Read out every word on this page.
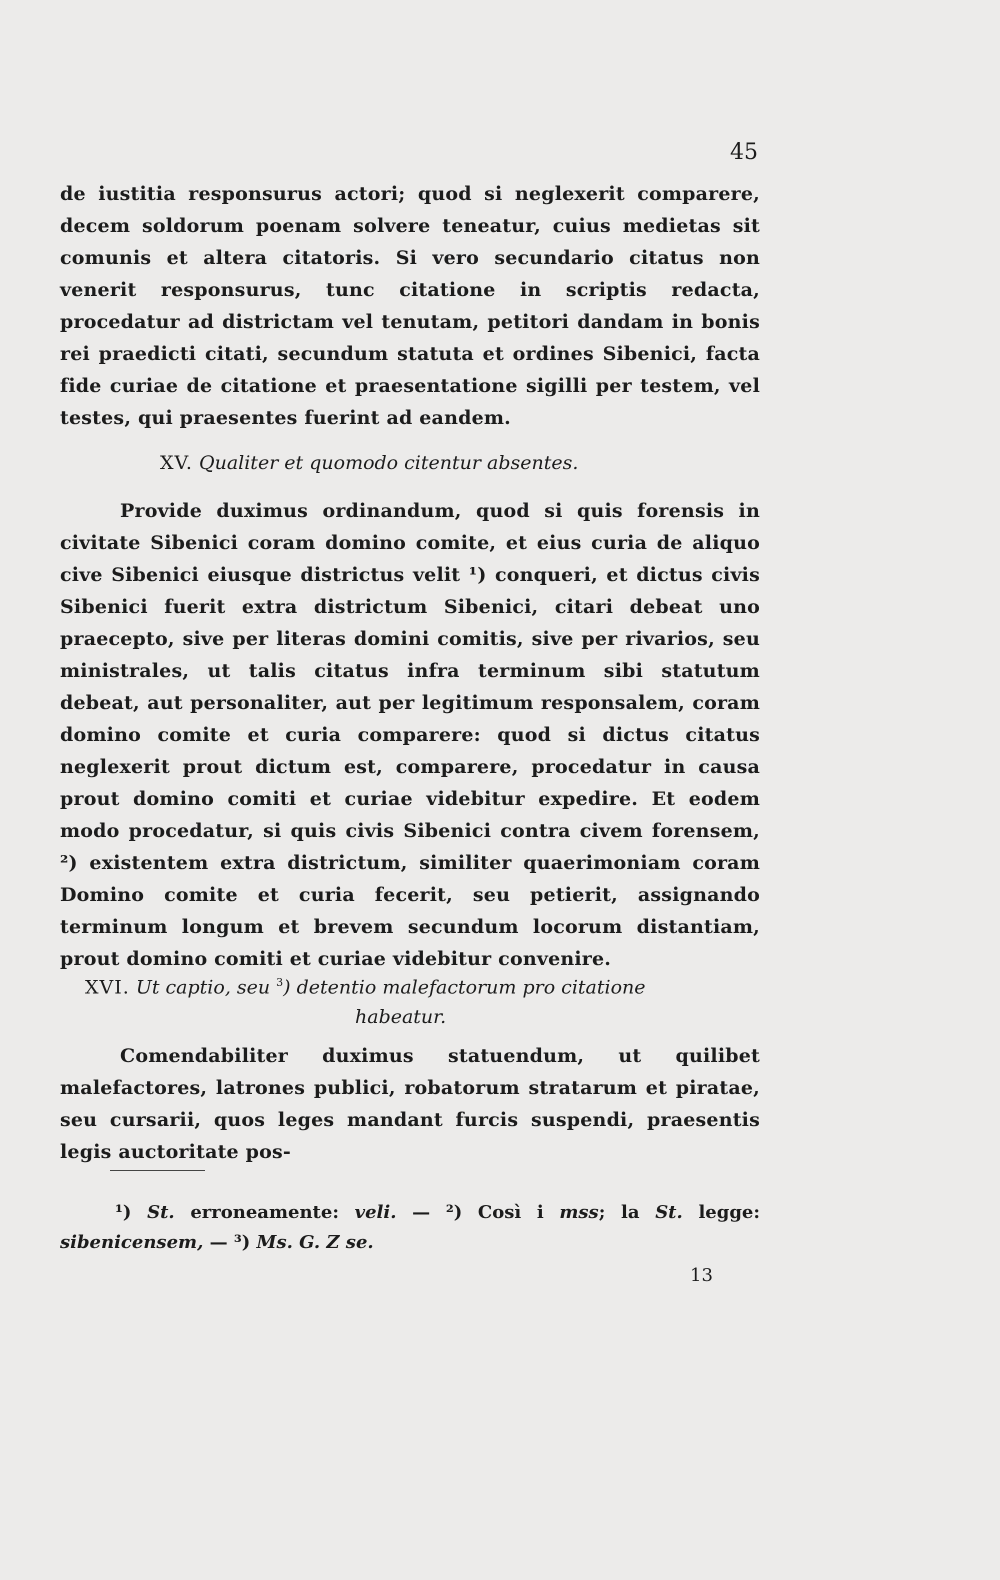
45
de iustitia responsurus actori; quod si neglexerit comparere, decem soldorum poenam solvere teneatur, cuius medietas sit comunis et altera citatoris. Si vero secundario citatus non venerit responsurus, tunc citatione in scriptis redacta, procedatur ad districtam vel tenutam, petitori dandam in bonis rei praedicti citati, secundum statuta et ordines Sibenici, facta fide curiae de citatione et praesentatione sigilli per testem, vel testes, qui praesentes fuerint ad eandem.
XV. Qualiter et quomodo citentur absentes.
Provide duximus ordinandum, quod si quis forensis in civitate Sibenici coram domino comite, et eius curia de aliquo cive Sibenici eiusque districtus velit ¹) conqueri, et dictus civis Sibenici fuerit extra districtum Sibenici, citari debeat uno praecepto, sive per literas domini comitis, sive per rivarios, seu ministrales, ut talis citatus infra terminum sibi statutum debeat, aut personaliter, aut per legitimum responsalem, coram domino comite et curia comparere: quod si dictus citatus neglexerit prout dictum est, comparere, procedatur in causa prout domino comiti et curiae videbitur expedire. Et eodem modo procedatur, si quis civis Sibenici contra civem forensem, ²) existentem extra districtum, similiter quaerimoniam coram Domino comite et curia fecerit, seu petierit, assignando terminum longum et brevem secundum locorum distantiam, prout domino comiti et curiae videbitur convenire.
XVI. Ut captio, seu $^3$) detentio malefactorum pro citatione
habeatur.
Comendabiliter duximus statuendum, ut quilibet malefactores, latrones publici, robatorum stratarum et piratae, seu cursarii, quos leges mandant furcis suspendi, praesentis legis auctoritate pos-
¹) St. erroneamente: veli. — ²) Così i mss; la St. legge: sibenicensem, — ³) Ms. G. Z se.
13
